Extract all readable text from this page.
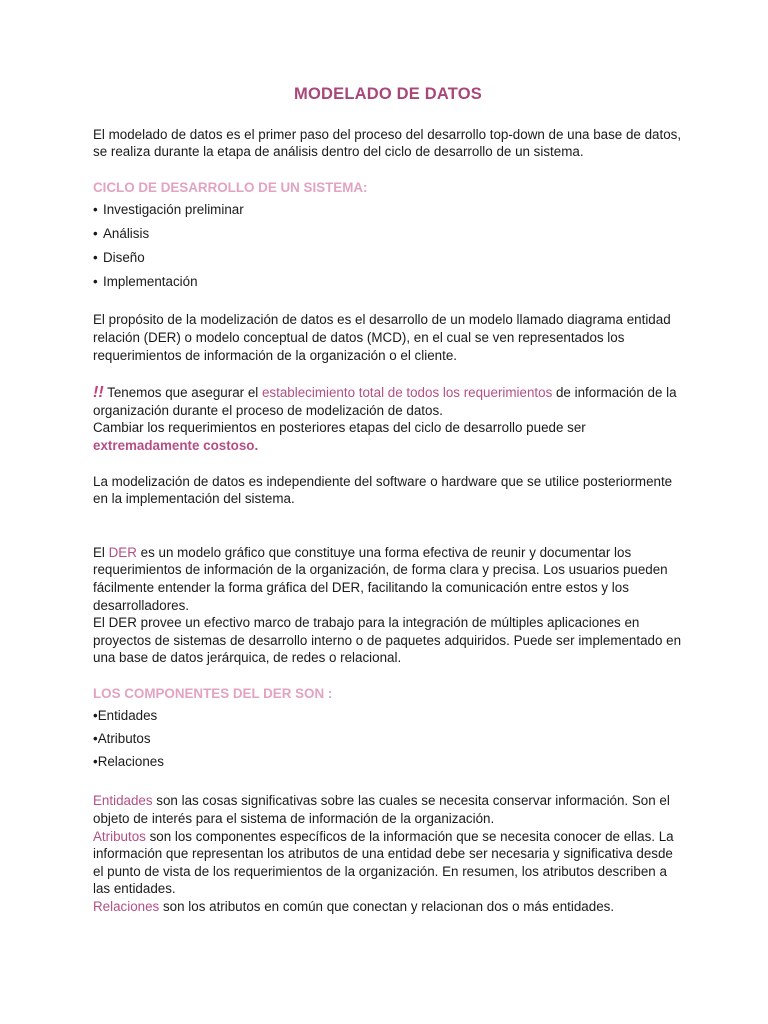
MODELADO DE DATOS

El modelado de datos es el primer paso del proceso del desarrollo top-down de una base de datos, se realiza durante la etapa de análisis dentro del ciclo de desarrollo de un sistema.

CICLO DE DESARROLLO DE UN SISTEMA:
• Investigación preliminar
• Análisis
• Diseño
• Implementación

El propósito de la modelización de datos es el desarrollo de un modelo llamado diagrama entidad relación (DER) o modelo conceptual de datos (MCD), en el cual se ven representados los requerimientos de información de la organización o el cliente.

!! Tenemos que asegurar el establecimiento total de todos los requerimientos de información de la organización durante el proceso de modelización de datos.

Cambiar los requerimientos en posteriores etapas del ciclo de desarrollo puede ser extremadamente costoso.

La modelización de datos es independiente del software o hardware que se utilice posteriormente en la implementación del sistema.

El DER es un modelo gráfico que constituye una forma efectiva de reunir y documentar los requerimientos de información de la organización, de forma clara y precisa. Los usuarios pueden fácilmente entender la forma gráfica del DER, facilitando la comunicación entre estos y los desarrolladores.

El DER provee un efectivo marco de trabajo para la integración de múltiples aplicaciones en proyectos de sistemas de desarrollo interno o de paquetes adquiridos. Puede ser implementado en una base de datos jerárquica, de redes o relacional.

LOS COMPONENTES DEL DER SON :
•Entidades
•Atributos
•Relaciones

Entidades son las cosas significativas sobre las cuales se necesita conservar información. Son el objeto de interés para el sistema de información de la organización.

Atributos son los componentes específicos de la información que se necesita conocer de ellas. La información que representan los atributos de una entidad debe ser necesaria y significativa desde el punto de vista de los requerimientos de la organización. En resumen, los atributos describen a las entidades.

Relaciones son los atributos en común que conectan y relacionan dos o más entidades.
